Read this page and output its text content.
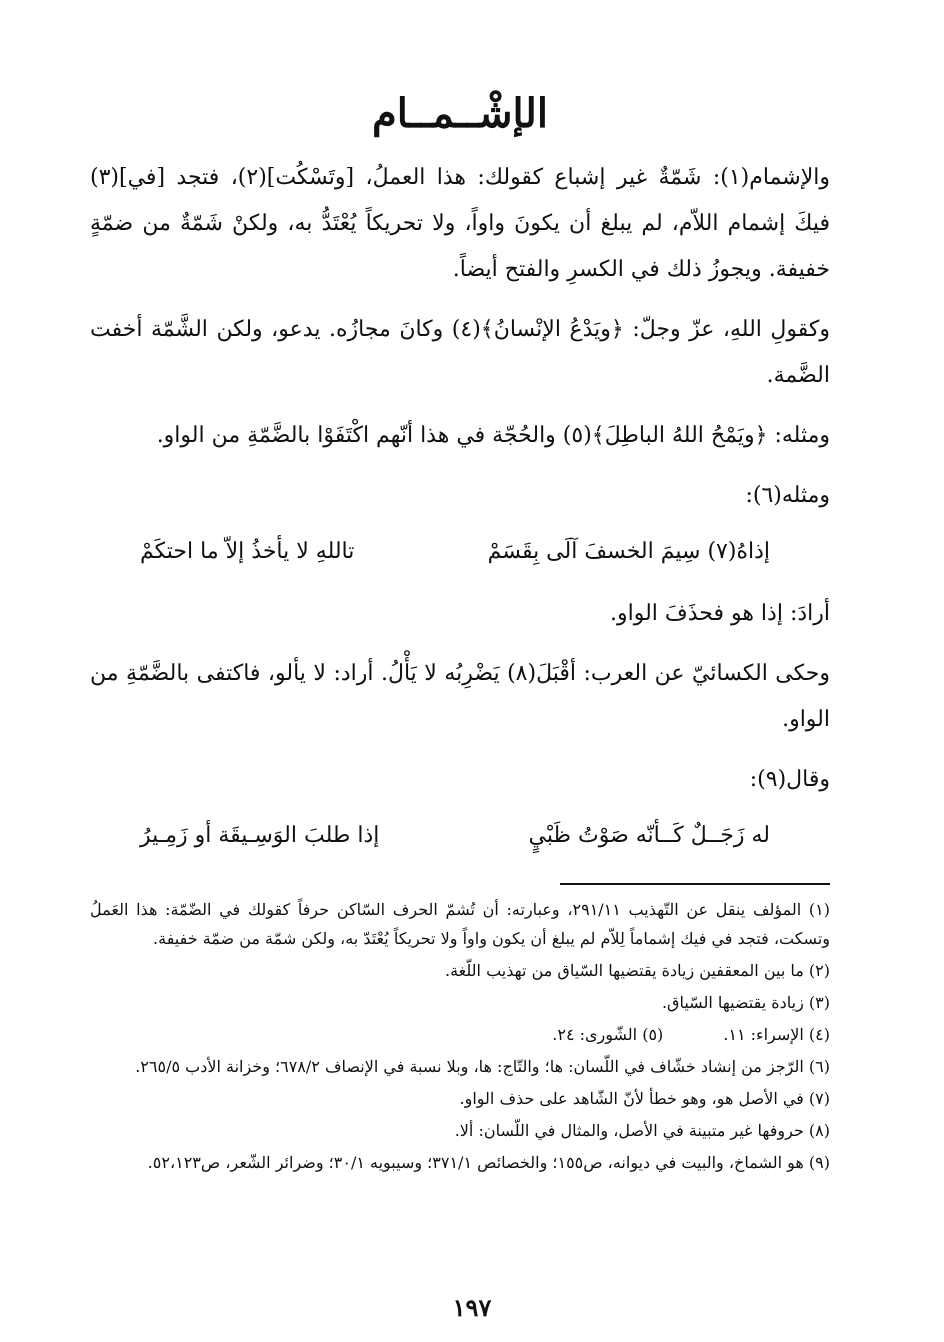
الإشْــمــام

والإشمام(١): شَمّةٌ غير إشباع كقولك: هذا العملُ، [وتَسْكُت](٢)، فتجد [في](٣) فيكَ إشمام اللاّم، لم يبلغ أن يكونَ واواً، ولا تحريكاً يُعْتَدُّ به، ولكنْ شَمّةٌ من ضمّةٍ خفيفة. ويجوزُ ذلك في الكسرِ والفتح أيضاً.

وكقولِ اللهِ، عزّ وجلّ: ﴿ويَدْعُ الإنْسانُ﴾(٤) وكانَ مجازُه. يدعو، ولكن الشَّمّة أخفت الضَّمة.

ومثله: ﴿ويَمْحُ اللهُ الباطِلَ﴾(٥) والحُجّة في هذا أنّهم اكْتَفَوْا بالضَّمّةِ من الواو.

ومثله(٦):

إذاهُ(٧) سِيمَ الخسفَ آلَى بِقَسَمْ
تاللهِ لا يأخذُ إلاّ ما احتكَمْ

أرادَ: إذا هو فحذَفَ الواو.

وحكى الكسائيّ عن العرب: أقْبَلَ(٨) يَضْرِبُه لا يَأْلُ. أراد: لا يألو، فاكتفى بالضَّمّةِ من الواو.

وقال(٩):

له زَجَــلٌ كَــأنّه صَوْتُ ظَبْيٍ
إذا طلبَ الوَسِـيقَة أو زَمِـيرُ

(١) المؤلف ينقل عن التّهذيب ٢٩١/١١، وعبارته: أن تُشمّ الحرف السّاكن حرفاً كقولك في الضّمّة: هذا العَملُ وتسكت، فتجد في فيك إشماماً لِلاّم لم يبلغ أن يكون واواً ولا تحريكاً يُعْتَدّ به، ولكن شمّة من ضمّة خفيفة.

(٢) ما بين المعقفين زيادة يقتضيها السّياق من تهذيب اللّغة.

(٣) زيادة يقتضيها السّياق.

(٤) الإسراء: ١١.
(٥) الشّورى: ٢٤.

(٦) الرّجز من إنشاد خشّاف في اللّسان: ها؛ والتّاج: ها، وبلا نسبة في الإنصاف ٦٧٨/٢؛ وخزانة الأدب ٢٦٥/٥.

(٧) في الأصل هو، وهو خطأ لأنّ الشّاهد على حذف الواو.

(٨) حروفها غير متبينة في الأصل، والمثال في اللّسان: ألا.

(٩) هو الشماخ، والبيت في ديوانه، ص١٥٥؛ والخصائص ٣٧١/١؛ وسيبويه ٣٠/١؛ وضرائر الشّعر، ص٥٢،١٢٣.

١٩٧
